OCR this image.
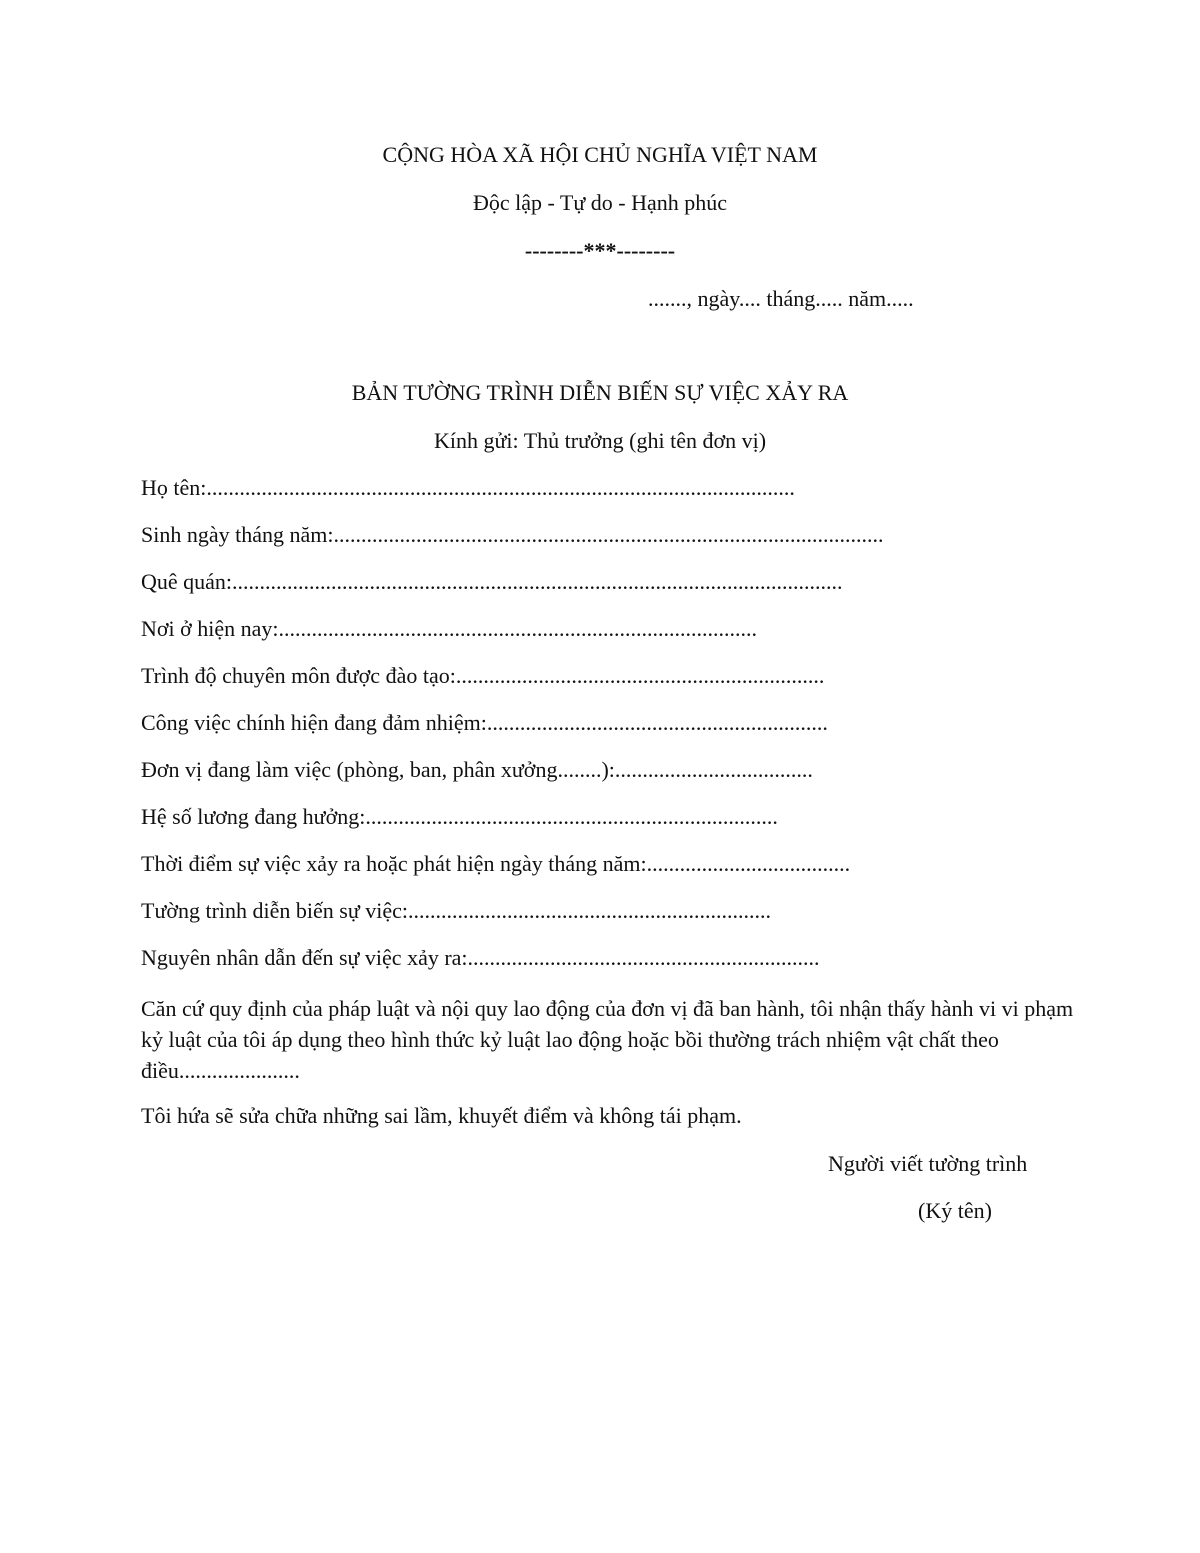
CỘNG HÒA XÃ HỘI CHỦ NGHĨA VIỆT NAM
Độc lập - Tự do - Hạnh phúc
--------***--------
......., ngày.... tháng..... năm.....
BẢN TƯỜNG TRÌNH DIỄN BIẾN SỰ VIỆC XẢY RA
Kính gửi: Thủ trưởng (ghi tên đơn vị)
Họ tên:...........................................................................................................
Sinh ngày tháng năm:....................................................................................................
Quê quán:...............................................................................................................
Nơi ở hiện nay:.......................................................................................
Trình độ chuyên môn được đào tạo:...................................................................
Công việc chính hiện đang đảm nhiệm:..............................................................
Đơn vị đang làm việc (phòng, ban, phân xưởng........):....................................
Hệ số lương đang hưởng:...........................................................................
Thời điểm sự việc xảy ra hoặc phát hiện ngày tháng năm:.....................................
Tường trình diễn biến sự việc:..................................................................
Nguyên nhân dẫn đến sự việc xảy ra:................................................................
Căn cứ quy định của pháp luật và nội quy lao động của đơn vị đã ban hành, tôi nhận thấy hành vi vi phạm kỷ luật của tôi áp dụng theo hình thức kỷ luật lao động hoặc bồi thường trách nhiệm vật chất theo điều......................
Tôi hứa sẽ sửa chữa những sai lầm, khuyết điểm và không tái phạm.
Người viết tường trình
(Ký tên)
